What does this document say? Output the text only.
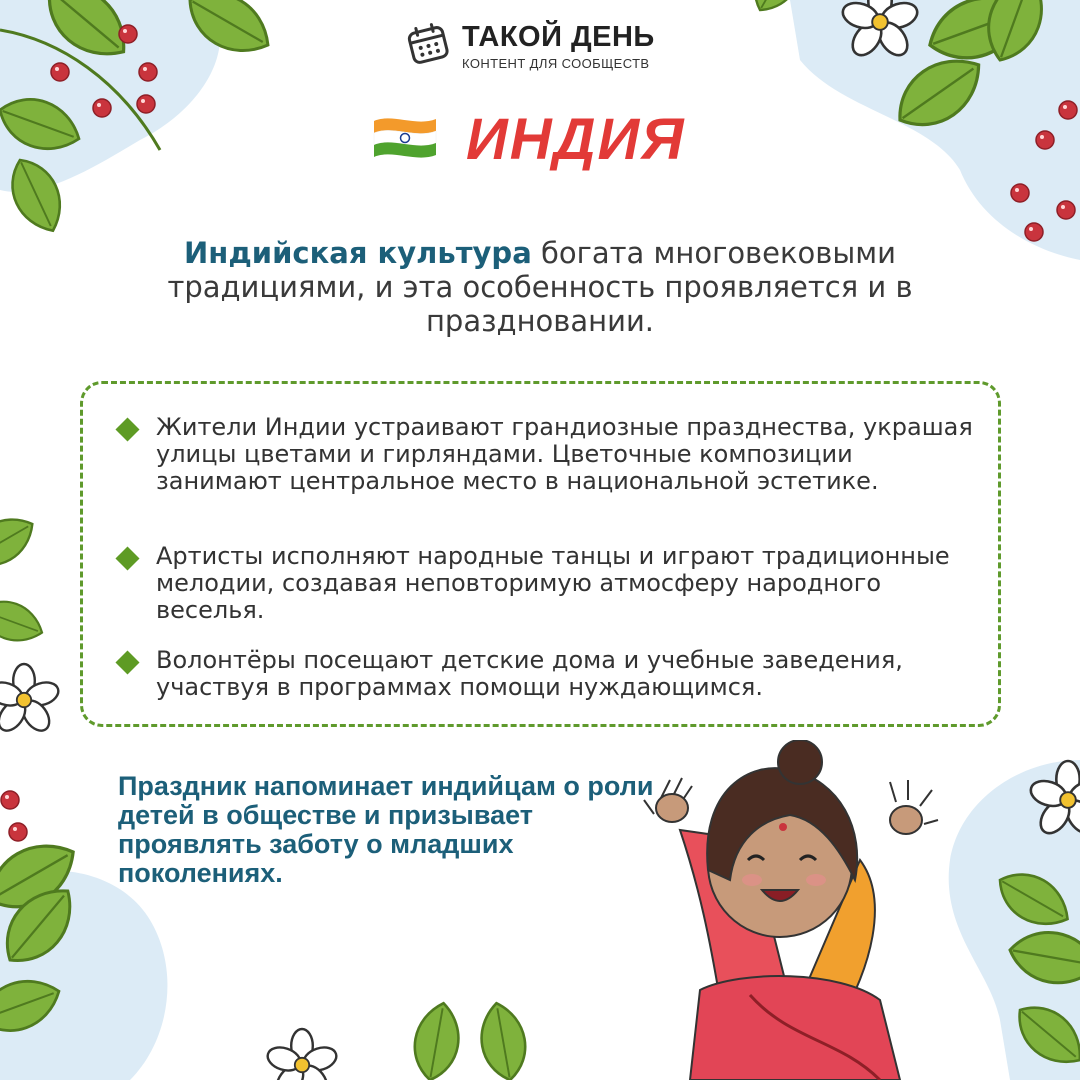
ТАКОЙ ДЕНЬ
КОНТЕНТ ДЛЯ СООБЩЕСТВ
ИНДИЯ
Индийская культура богата многовековыми традициями, и эта особенность проявляется и в праздновании.
Жители Индии устраивают грандиозные празднества, украшая улицы цветами и гирляндами. Цветочные композиции занимают центральное место в национальной эстетике.
Артисты исполняют народные танцы и играют традиционные мелодии, создавая неповторимую атмосферу народного веселья.
Волонтёры посещают детские дома и учебные заведения, участвуя в программах помощи нуждающимся.
Праздник напоминает индийцам о роли детей в обществе и призывает проявлять заботу о младших поколениях.
